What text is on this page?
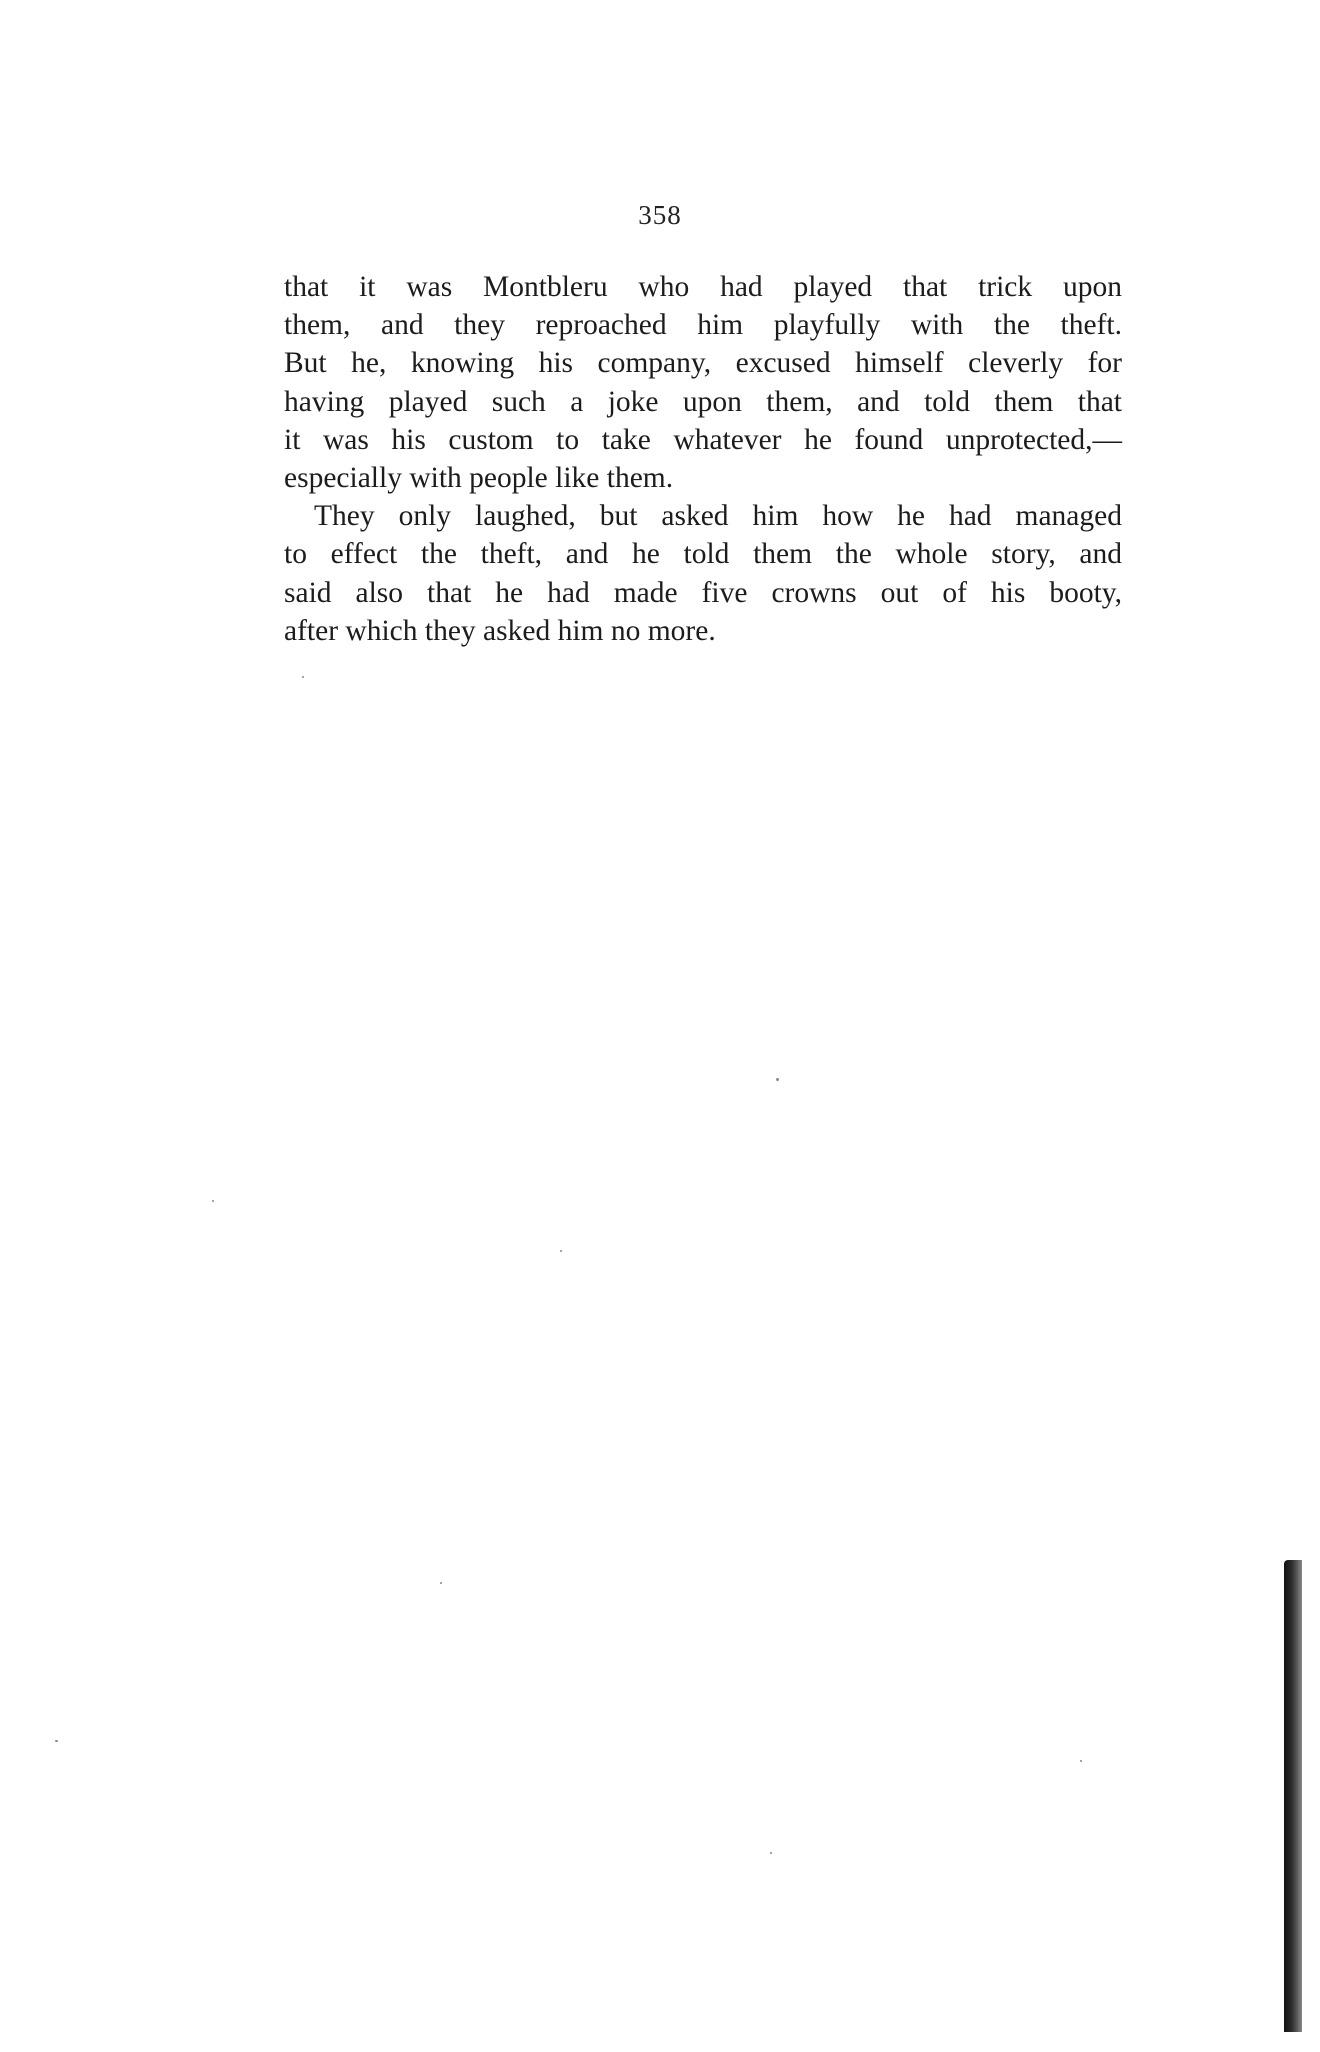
358
that it was Montbleru who had played that trick upon
them, and they reproached him playfully with the theft.
But he, knowing his company, excused himself cleverly for
having played such a joke upon them, and told them that
it was his custom to take whatever he found unprotected,—
especially with people like them.
They only laughed, but asked him how he had managed
to effect the theft, and he told them the whole story, and
said also that he had made five crowns out of his booty,
after which they asked him no more.
